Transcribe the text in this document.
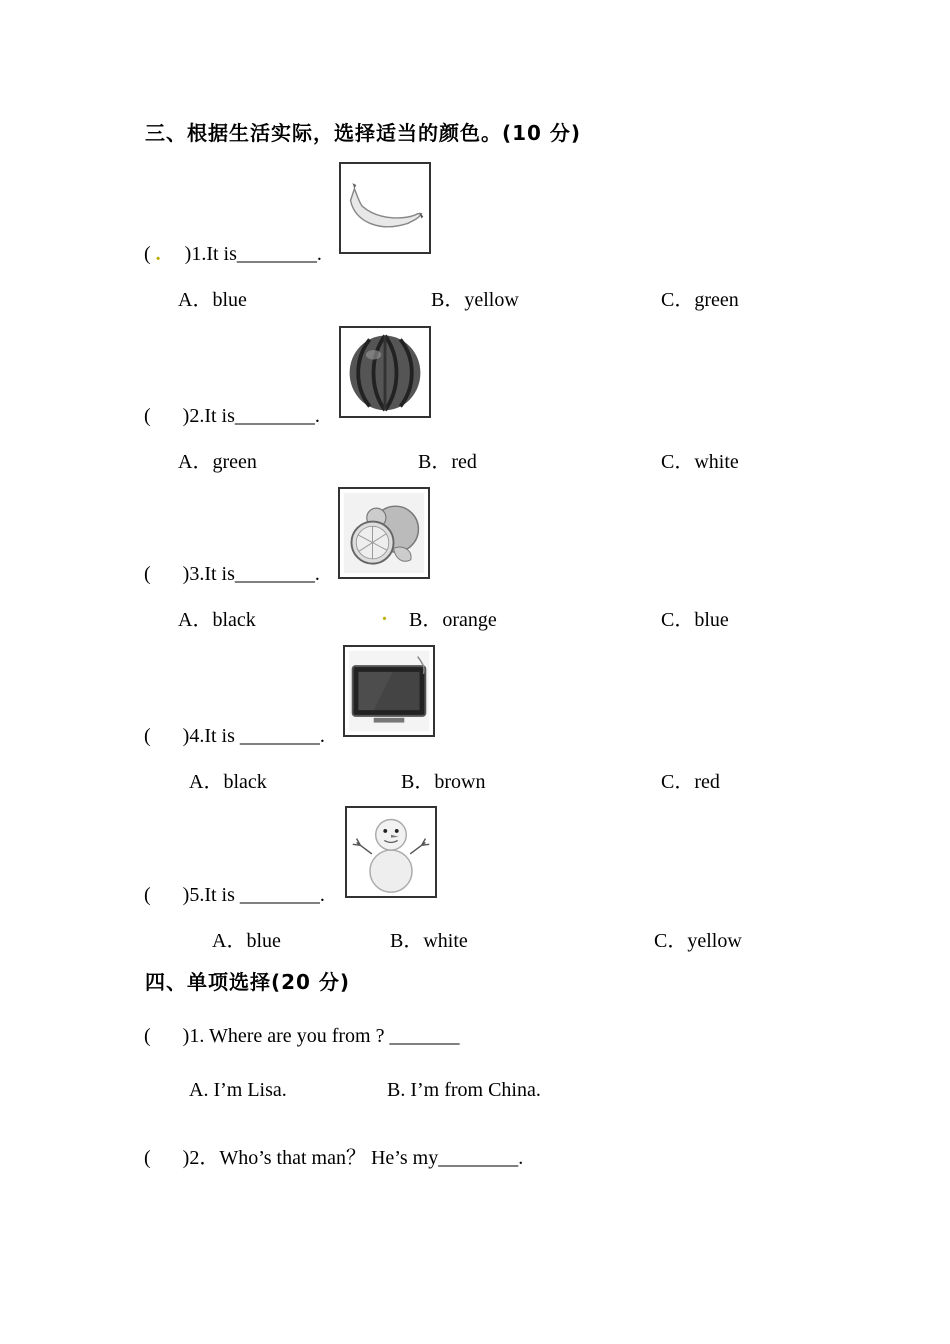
三、根据生活实际，选择适当的颜色。(10 分)
( . )1.It is________.
A．blue	B．yellow	C．green
( )2.It is________.
A．green	B．red	C．white
( )3.It is________.
A．black	. B．orange	C．blue
( )4.It is ________.
A．black	B．brown	C．red
( )5.It is ________.
A．blue	B．white	C．yellow
四、单项选择(20 分)
( )1. Where are you from ? _______
A. I’m Lisa.	B. I’m from China.
( )2．Who’s that man？ He’s my________.
